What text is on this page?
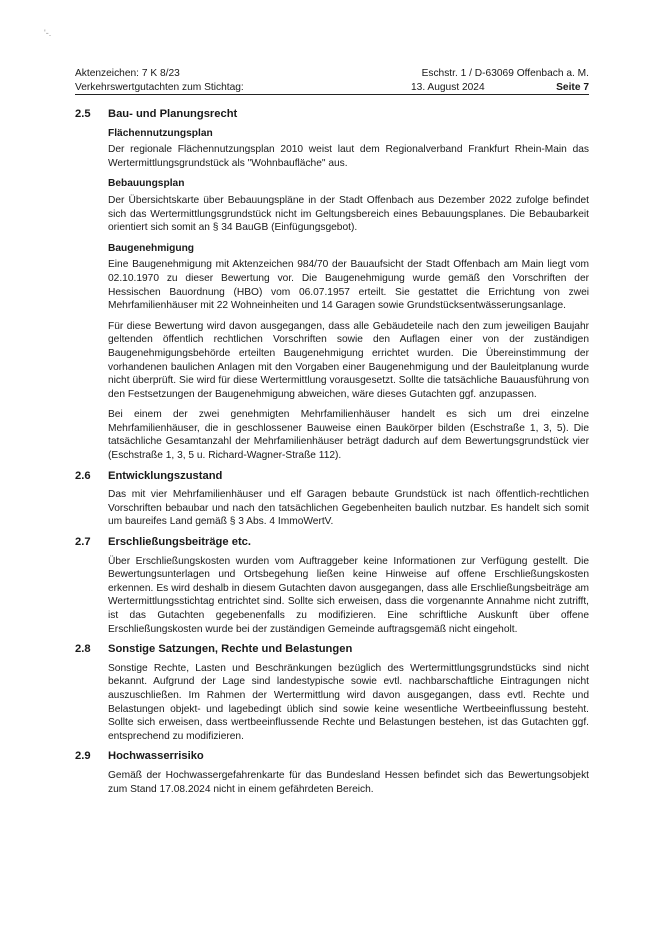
'-.
Aktenzeichen: 7 K 8/23	Eschstr. 1 / D-63069 Offenbach a. M.
Verkehrswertgutachten zum Stichtag:	13. August 2024	Seite 7
2.5	Bau- und Planungsrecht
Flächennutzungsplan

Der regionale Flächennutzungsplan 2010 weist laut dem Regionalverband Frankfurt Rhein-Main das Wertermittlungsgrundstück als "Wohnbaufläche" aus.

Bebauungsplan

Der Übersichtskarte über Bebauungspläne in der Stadt Offenbach aus Dezember 2022 zufolge befindet sich das Wertermittlungsgrundstück nicht im Geltungsbereich eines Bebauungsplanes. Die Bebaubarkeit orientiert sich somit an § 34 BauGB (Einfügungsgebot).

Baugenehmigung

Eine Baugenehmigung mit Aktenzeichen 984/70 der Bauaufsicht der Stadt Offenbach am Main liegt vom 02.10.1970 zu dieser Bewertung vor. Die Baugenehmigung wurde gemäß den Vorschriften der Hessischen Bauordnung (HBO) vom 06.07.1957 erteilt. Sie gestattet die Errichtung von zwei Mehrfamilienhäuser mit 22 Wohneinheiten und 14 Garagen sowie Grundstücksentwässerungsanlage.

Für diese Bewertung wird davon ausgegangen, dass alle Gebäudeteile nach den zum jeweiligen Baujahr geltenden öffentlich rechtlichen Vorschriften sowie den Auflagen einer von der zuständigen Baugenehmigungsbehörde erteilten Baugenehmigung errichtet wurden. Die Übereinstimmung der vorhandenen baulichen Anlagen mit den Vorgaben einer Baugenehmigung und der Bauleitplanung wurde nicht überprüft. Sie wird für diese Wertermittlung vorausgesetzt. Sollte die tatsächliche Bauausführung von den Festsetzungen der Baugenehmigung abweichen, wäre dieses Gutachten ggf. anzupassen.

Bei einem der zwei genehmigten Mehrfamilienhäuser handelt es sich um drei einzelne Mehrfamilienhäuser, die in geschlossener Bauweise einen Baukörper bilden (Eschstraße 1, 3, 5). Die tatsächliche Gesamtanzahl der Mehrfamilienhäuser beträgt dadurch auf dem Bewertungsgrundstück vier (Eschstraße 1, 3, 5 u. Richard-Wagner-Straße 112).

2.6	Entwicklungszustand

Das mit vier Mehrfamilienhäuser und elf Garagen bebaute Grundstück ist nach öffentlich-rechtlichen Vorschriften bebaubar und nach den tatsächlichen Gegebenheiten baulich nutzbar. Es handelt sich somit um baureifes Land gemäß § 3 Abs. 4 ImmoWertV.

2.7	Erschließungsbeiträge etc.

Über Erschließungskosten wurden vom Auftraggeber keine Informationen zur Verfügung gestellt. Die Bewertungsunterlagen und Ortsbegehung ließen keine Hinweise auf offene Erschließungskosten erkennen. Es wird deshalb in diesem Gutachten davon ausgegangen, dass alle Erschließungsbeiträge am Wertermittlungsstichtag entrichtet sind. Sollte sich erweisen, dass die vorgenannte Annahme nicht zutrifft, ist das Gutachten gegebenenfalls zu modifizieren. Eine schriftliche Auskunft über offene Erschließungskosten wurde bei der zuständigen Gemeinde auftragsgemäß nicht eingeholt.

2.8	Sonstige Satzungen, Rechte und Belastungen

Sonstige Rechte, Lasten und Beschränkungen bezüglich des Wertermittlungsgrundstücks sind nicht bekannt. Aufgrund der Lage sind landestypische sowie evtl. nachbarschaftliche Eintragungen nicht auszuschließen. Im Rahmen der Wertermittlung wird davon ausgegangen, dass evtl. Rechte und Belastungen objekt- und lagebedingt üblich sind sowie keine wesentliche Wertbeeinflussung besteht. Sollte sich erweisen, dass wertbeeinflussende Rechte und Belastungen bestehen, ist das Gutachten ggf. entsprechend zu modifizieren.

2.9	Hochwasserrisiko

Gemäß der Hochwassergefahrenkarte für das Bundesland Hessen befindet sich das Bewertungsobjekt zum Stand 17.08.2024 nicht in einem gefährdeten Bereich.
